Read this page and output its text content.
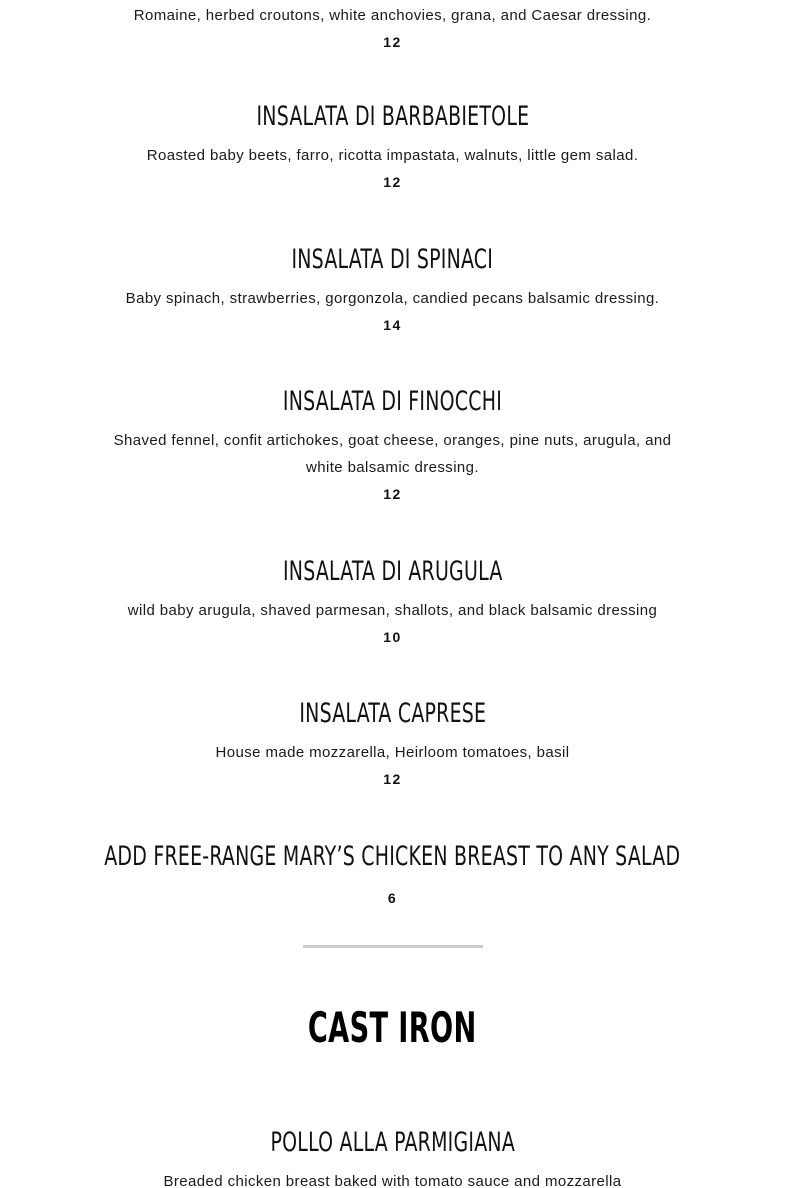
Romaine, herbed croutons, white anchovies, grana, and Caesar dressing.
12
INSALATA DI BARBABIETOLE
Roasted baby beets, farro, ricotta impastata, walnuts, little gem salad.
12
INSALATA DI SPINACI
Baby spinach, strawberries, gorgonzola, candied pecans balsamic dressing.
14
INSALATA DI FINOCCHI
Shaved fennel, confit artichokes, goat cheese, oranges, pine nuts, arugula, and
white balsamic dressing.
12
INSALATA DI ARUGULA
wild baby arugula, shaved parmesan, shallots, and black balsamic dressing
10
INSALATA CAPRESE
House made mozzarella, Heirloom tomatoes, basil
12
ADD FREE-RANGE MARY’S CHICKEN BREAST TO ANY SALAD
6
CAST IRON
POLLO ALLA PARMIGIANA
Breaded chicken breast baked with tomato sauce and mozzarella
